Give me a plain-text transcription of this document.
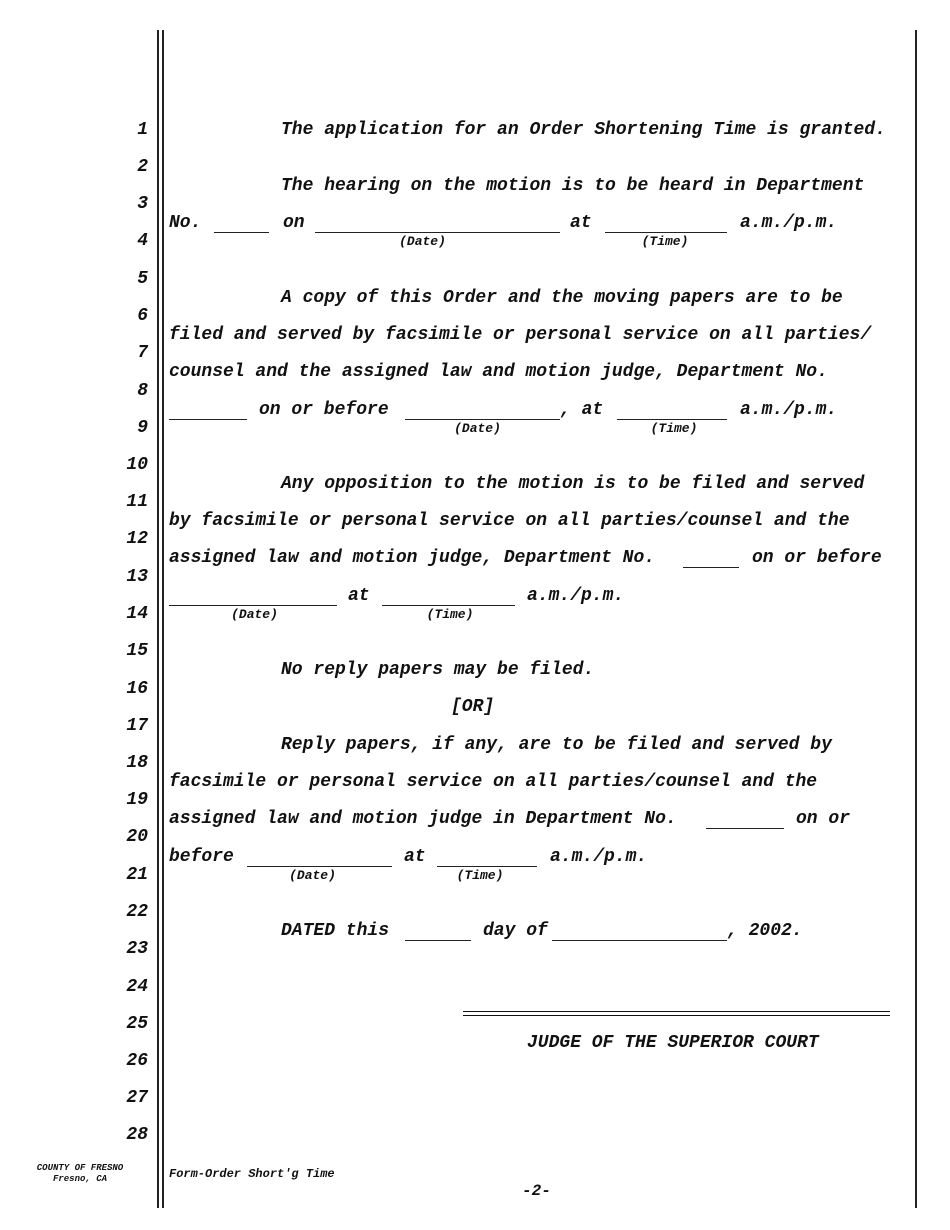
1
2
3
4
5
6
7
8
9
10
11
12
13
14
15
16
17
18
19
20
21
22
23
24
25
26
27
28
The application for an Order Shortening Time is granted.
The hearing on the motion is to be heard in Department
No.	on
(Date)
at
(Time)
a.m./p.m.
A copy of this Order and the moving papers are to be
filed and served by facsimile or personal service on all parties/
counsel and the assigned law and motion judge, Department No.
on or before
(Date)
, at
(Time)
a.m./p.m.
Any opposition to the motion is to be filed and served
by facsimile or personal service on all parties/counsel and the
assigned law and motion judge, Department No.	on or before
(Date)
at
(Time)
a.m./p.m.
No reply papers may be filed.
[OR]
Reply papers, if any, are to be filed and served by
facsimile or personal service on all parties/counsel and the
assigned law and motion judge in Department No.	on or
before
(Date)
at
(Time)
a.m./p.m.
DATED this	day of	, 2002.
JUDGE OF THE SUPERIOR COURT
COUNTY OF FRESNO
Fresno, CA	Form-Order Short'g Time
-2-
